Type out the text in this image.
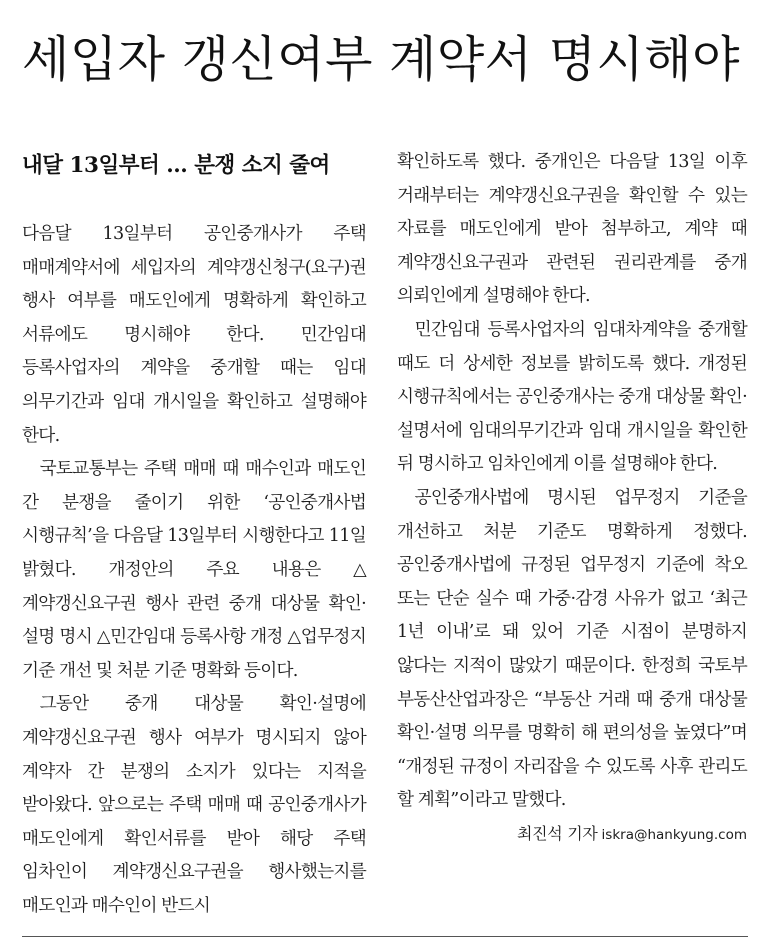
세입자 갱신여부 계약서 명시해야
내달 13일부터 … 분쟁 소지 줄여

다음달 13일부터 공인중개사가 주택 매매계약서에 세입자의 계약갱신청구(요구)권 행사 여부를 매도인에게 명확하게 확인하고 서류에도 명시해야 한다. 민간임대 등록사업자의 계약을 중개할 때는 임대 의무기간과 임대 개시일을 확인하고 설명해야 한다.

국토교통부는 주택 매매 때 매수인과 매도인 간 분쟁을 줄이기 위한 ‘공인중개사법 시행규칙’을 다음달 13일부터 시행한다고 11일 밝혔다. 개정안의 주요 내용은 △계약갱신요구권 행사 관련 중개 대상물 확인·설명 명시 △민간임대 등록사항 개정 △업무정지 기준 개선 및 처분 기준 명확화 등이다.

그동안 중개 대상물 확인·설명에 계약갱신요구권 행사 여부가 명시되지 않아 계약자 간 분쟁의 소지가 있다는 지적을 받아왔다. 앞으로는 주택 매매 때 공인중개사가 매도인에게 확인서류를 받아 해당 주택 임차인이 계약갱신요구권을 행사했는지를 매도인과 매수인이 반드시

확인하도록 했다. 중개인은 다음달 13일 이후 거래부터는 계약갱신요구권을 확인할 수 있는 자료를 매도인에게 받아 첨부하고, 계약 때 계약갱신요구권과 관련된 권리관계를 중개 의뢰인에게 설명해야 한다.

민간임대 등록사업자의 임대차계약을 중개할 때도 더 상세한 정보를 밝히도록 했다. 개정된 시행규칙에서는 공인중개사는 중개 대상물 확인·설명서에 임대의무기간과 임대 개시일을 확인한 뒤 명시하고 임차인에게 이를 설명해야 한다.

공인중개사법에 명시된 업무정지 기준을 개선하고 처분 기준도 명확하게 정했다. 공인중개사법에 규정된 업무정지 기준에 착오 또는 단순 실수 때 가중·감경 사유가 없고 ‘최근 1년 이내’로 돼 있어 기준 시점이 분명하지 않다는 지적이 많았기 때문이다. 한정희 국토부 부동산산업과장은 “부동산 거래 때 중개 대상물 확인·설명 의무를 명확히 해 편의성을 높였다”며 “개정된 규정이 자리잡을 수 있도록 사후 관리도 할 계획”이라고 말했다.

최진석 기자 iskra@hankyung.com
